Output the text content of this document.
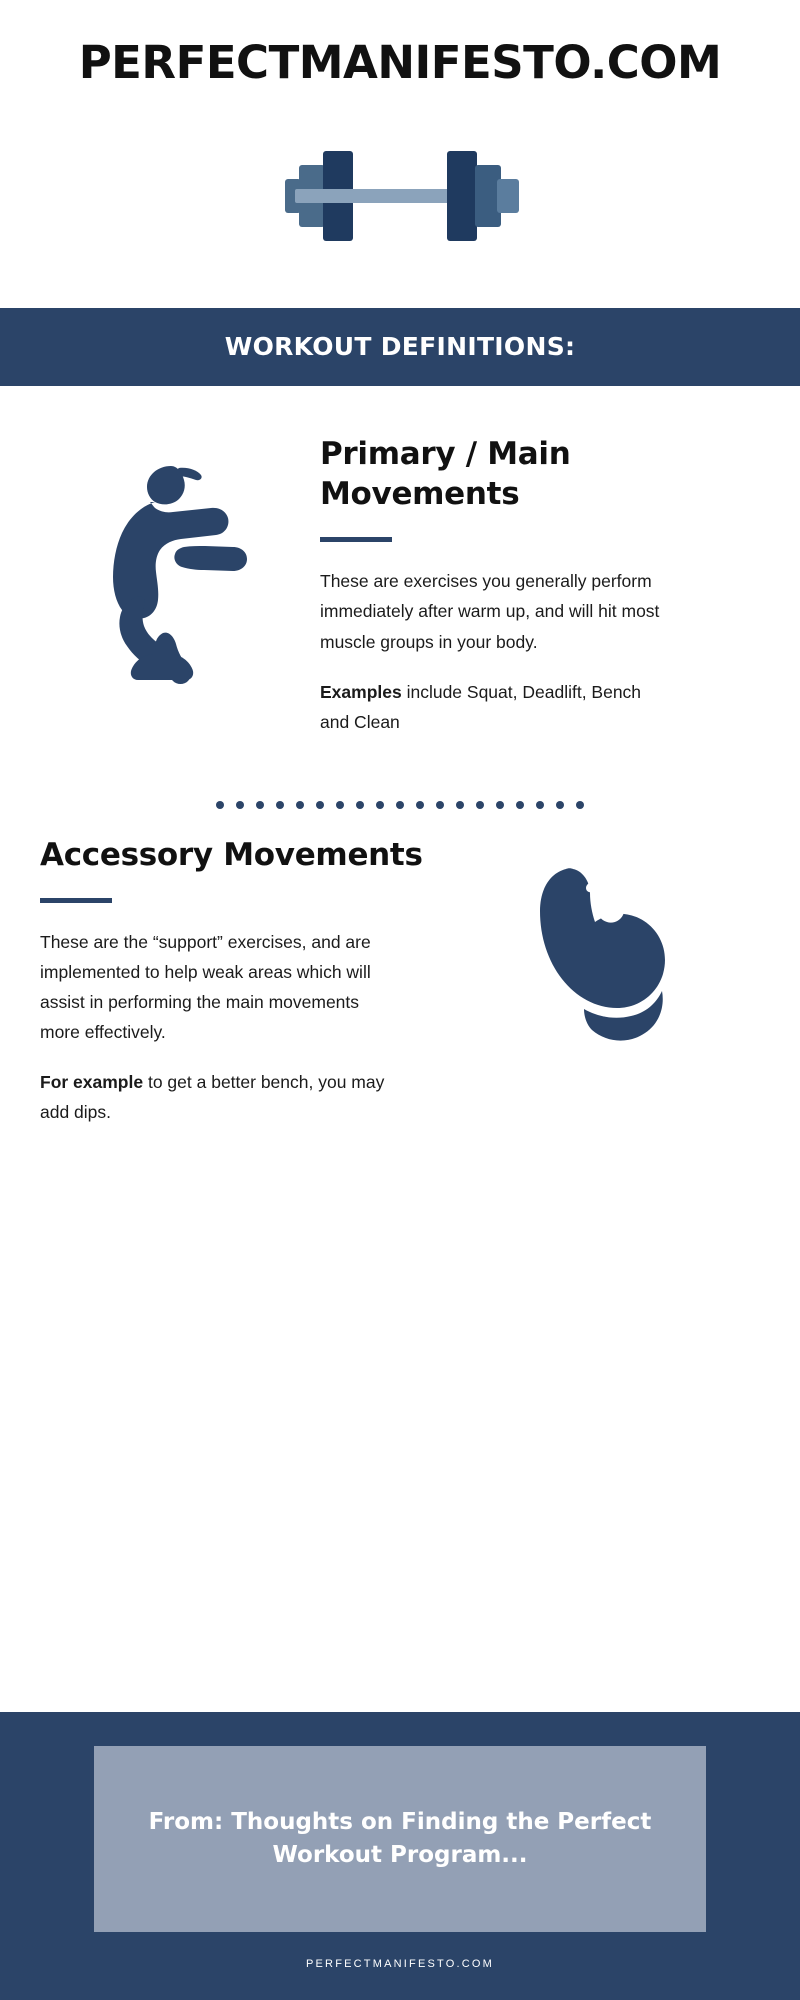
PERFECTMANIFESTO.COM
WORKOUT DEFINITIONS:
Primary / Main Movements

These are exercises you generally perform immediately after warm up, and will hit most muscle groups in your body.

Examples include Squat, Deadlift, Bench and Clean

Accessory Movements

These are the “support” exercises, and are implemented to help weak areas which will assist in performing the main movements more effectively.

For example to get a better bench, you may add dips.

From: Thoughts on Finding the Perfect Workout Program...
PERFECTMANIFESTO.COM
